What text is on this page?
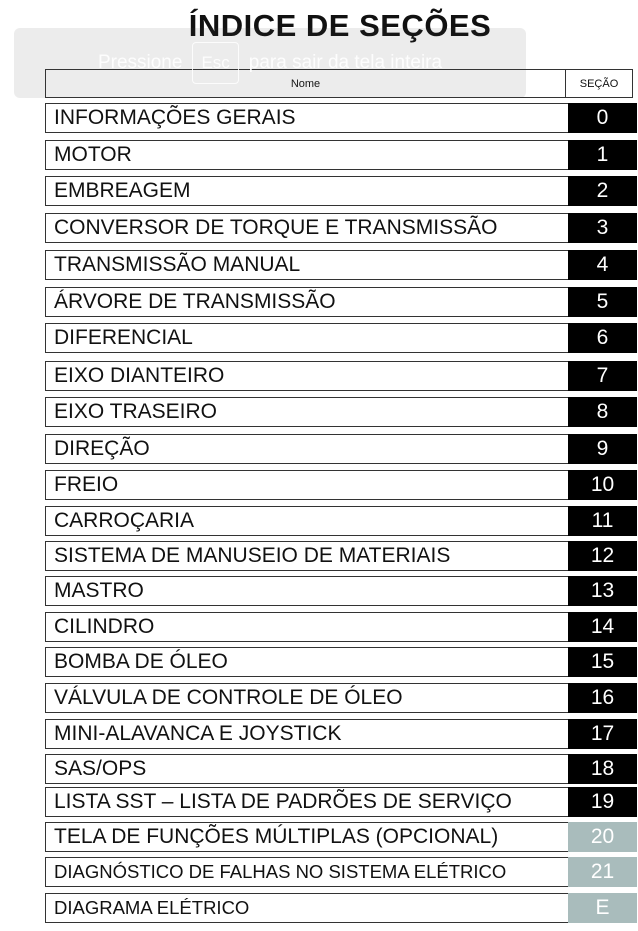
ÍNDICE DE SEÇÕES
Nome	SEÇÃO
INFORMAÇÕES GERAIS	0
MOTOR	1
EMBREAGEM	2
CONVERSOR DE TORQUE E TRANSMISSÃO	3
TRANSMISSÃO MANUAL	4
ÁRVORE DE TRANSMISSÃO	5
DIFERENCIAL	6
EIXO DIANTEIRO	7
EIXO TRASEIRO	8
DIREÇÃO	9
FREIO	10
CARROÇARIA	11
SISTEMA DE MANUSEIO DE MATERIAIS	12
MASTRO	13
CILINDRO	14
BOMBA DE ÓLEO	15
VÁLVULA DE CONTROLE DE ÓLEO	16
MINI-ALAVANCA E JOYSTICK	17
SAS/OPS	18
LISTA SST – LISTA DE PADRÕES DE SERVIÇO	19
TELA DE FUNÇÕES MÚLTIPLAS (OPCIONAL)	20
DIAGNÓSTICO DE FALHAS NO SISTEMA ELÉTRICO	21
DIAGRAMA ELÉTRICO	E
Pressione	Esc	para sair da tela inteira
